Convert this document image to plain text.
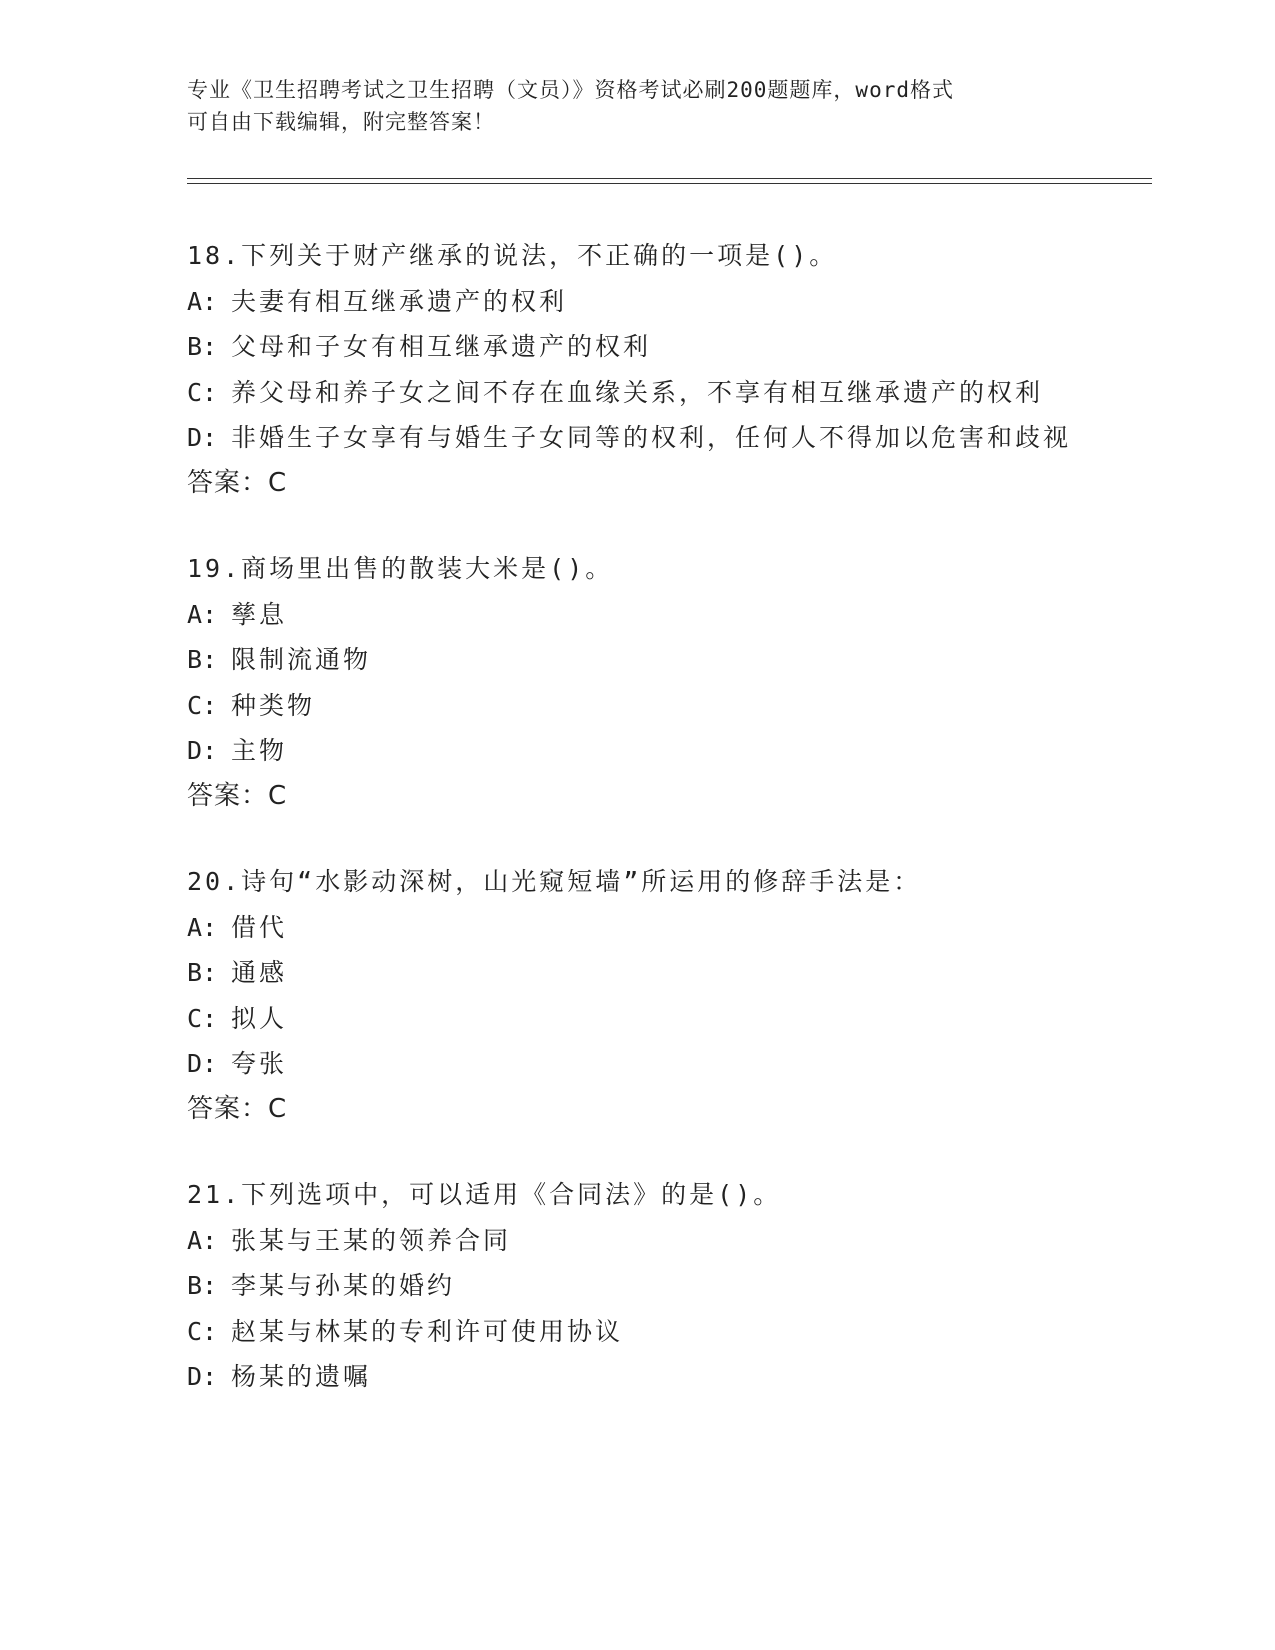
专业《卫生招聘考试之卫生招聘（文员）》资格考试必刷200题题库，word格式
可自由下载编辑，附完整答案！
18.下列关于财产继承的说法，不正确的一项是()。
A: 夫妻有相互继承遗产的权利
B: 父母和子女有相互继承遗产的权利
C: 养父母和养子女之间不存在血缘关系，不享有相互继承遗产的权利
D: 非婚生子女享有与婚生子女同等的权利，任何人不得加以危害和歧视
答案：C
19.商场里出售的散装大米是()。
A: 孳息
B: 限制流通物
C: 种类物
D: 主物
答案：C
20.诗句“水影动深树，山光窥短墙”所运用的修辞手法是：
A: 借代
B: 通感
C: 拟人
D: 夸张
答案：C
21.下列选项中，可以适用《合同法》的是()。
A: 张某与王某的领养合同
B: 李某与孙某的婚约
C: 赵某与林某的专利许可使用协议
D: 杨某的遗嘱
